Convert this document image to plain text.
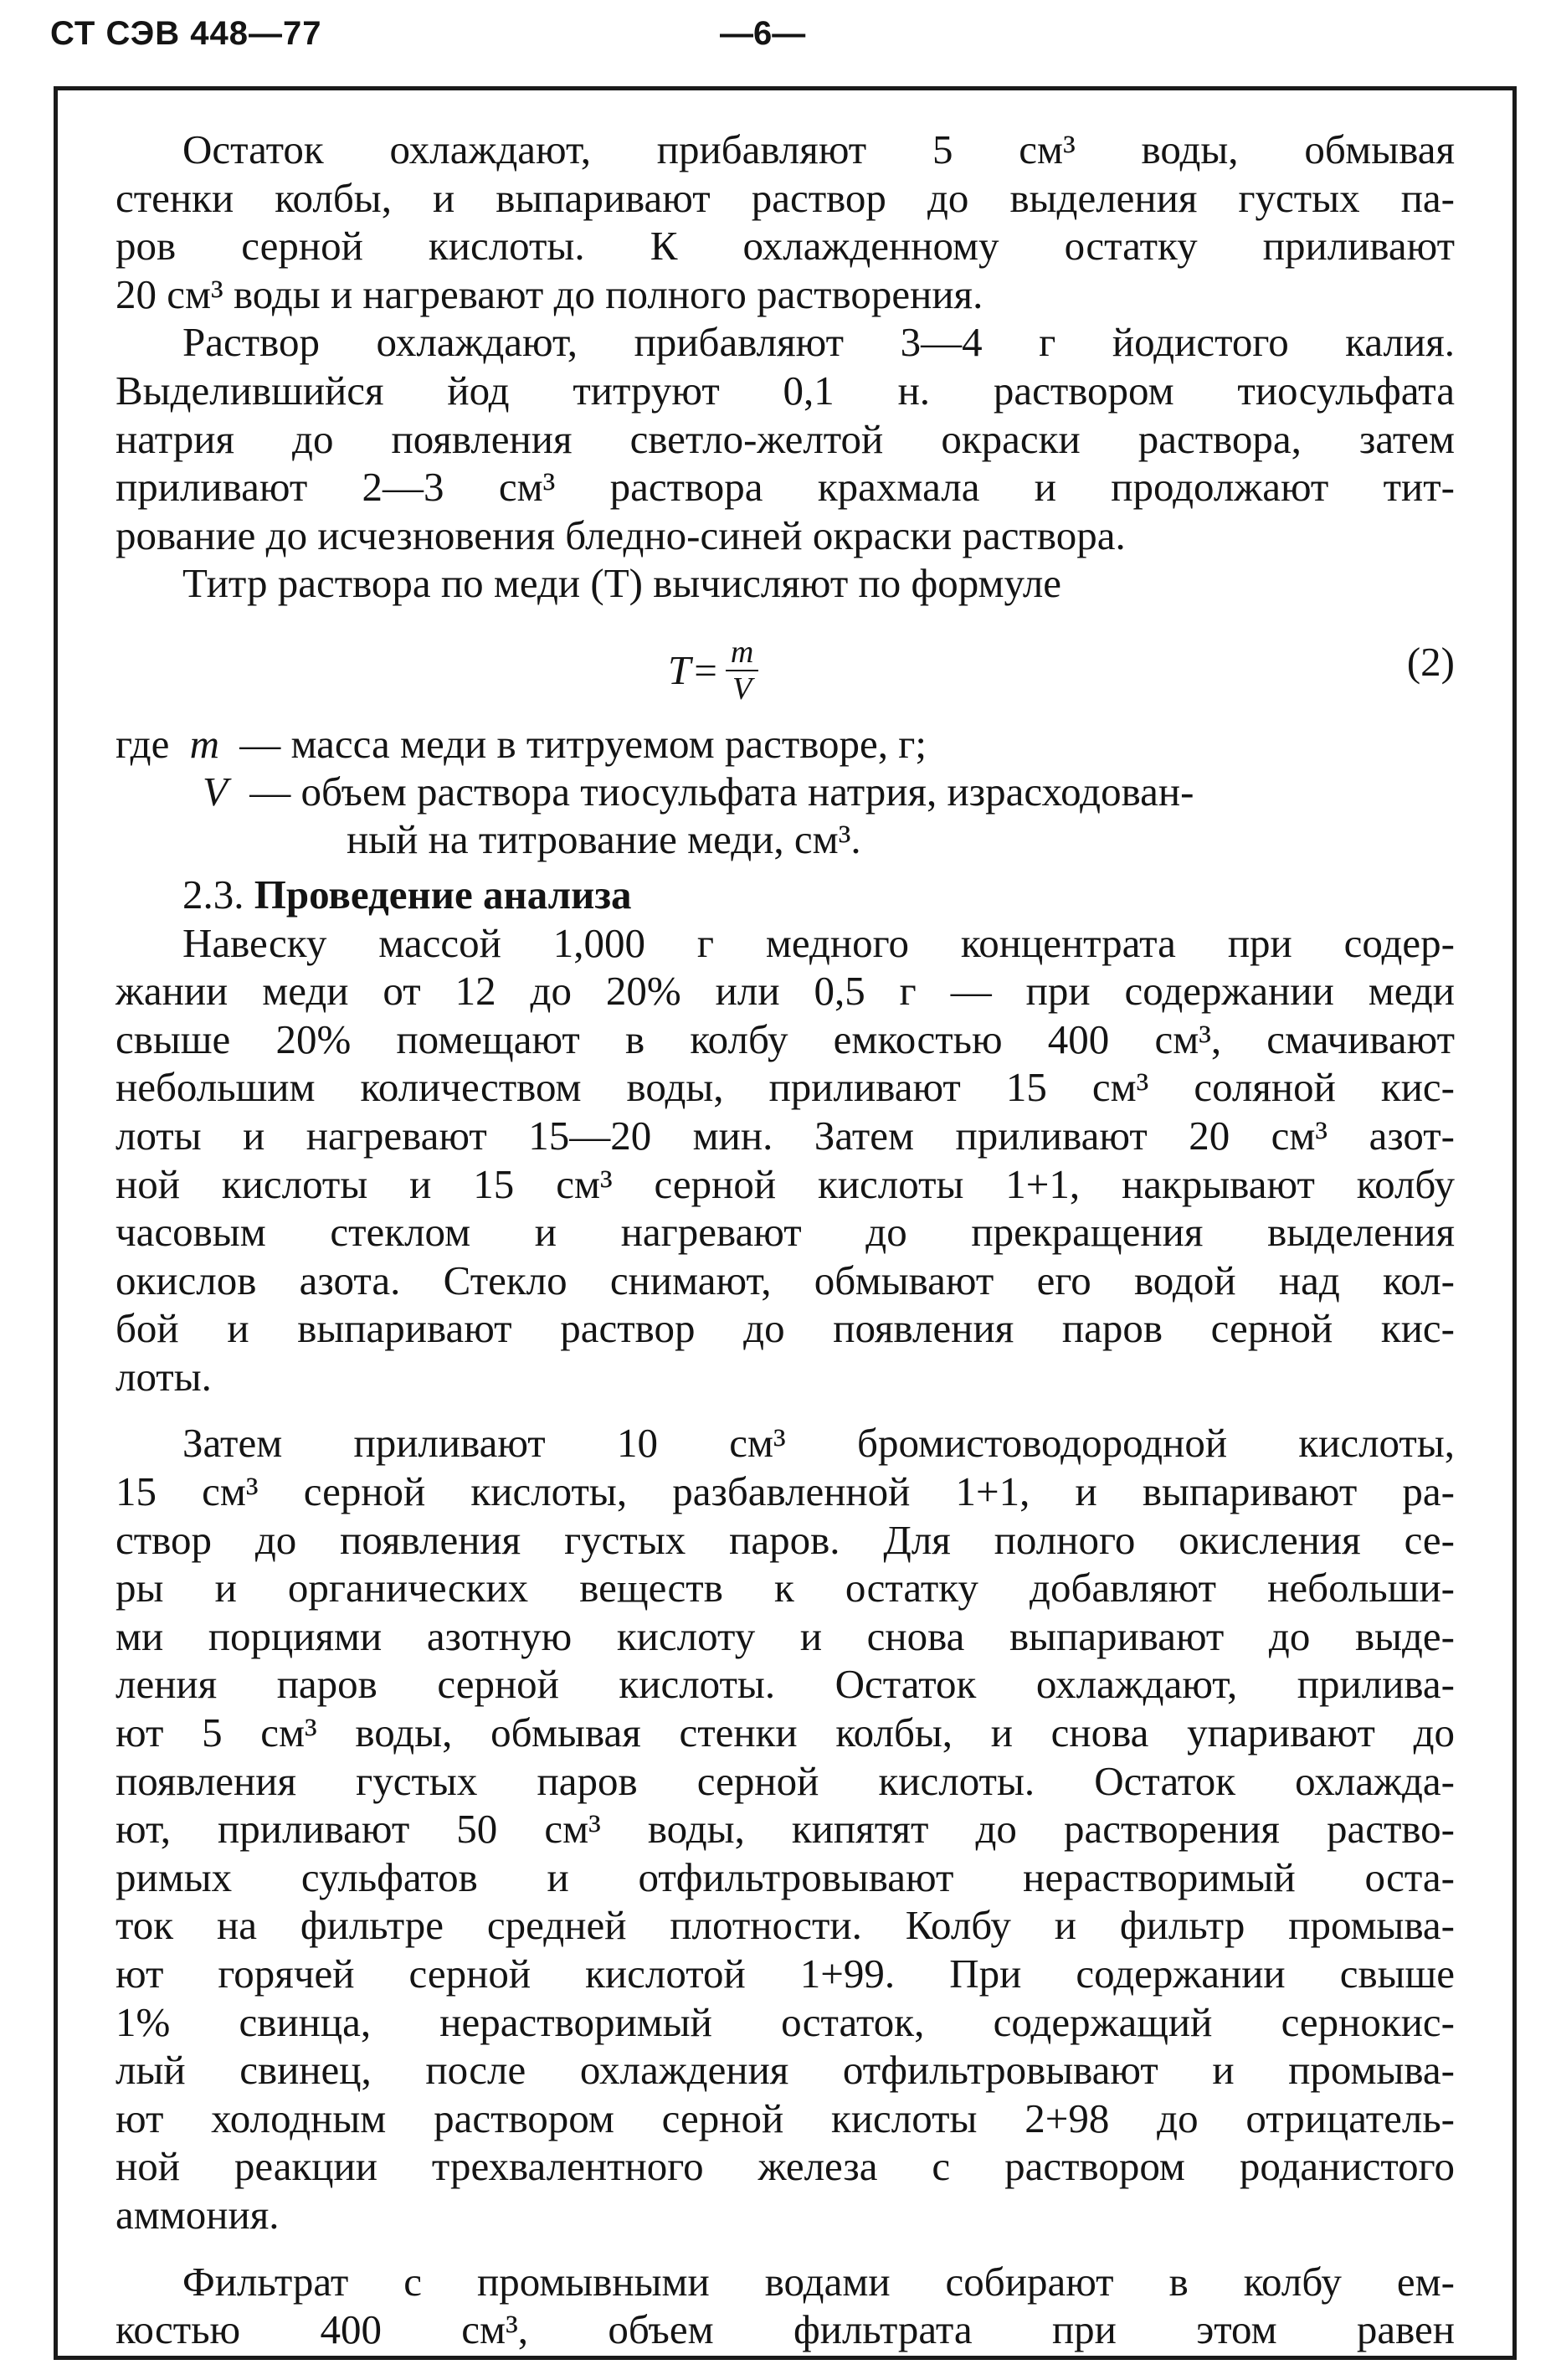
СТ СЭВ 448—77	—6—

Остаток охлаждают, прибавляют 5 см³ воды, обмывая

стенки колбы, и выпаривают раствор до выделения густых па-

ров серной кислоты. К охлажденному остатку приливают

20 см³ воды и нагревают до полного растворения.

Раствор охлаждают, прибавляют 3—4 г йодистого калия.

Выделившийся йод титруют 0,1 н. раствором тиосульфата

натрия до появления светло-желтой окраски раствора, затем

приливают 2—3 см³ раствора крахмала и продолжают тит-

рование до исчезновения бледно-синей окраски раствора.

Титр раствора по меди (T) вычисляют по формуле

$T = \frac{m}{V}$	(2)
где m — масса меди в титруемом растворе, г;
V — объем раствора тиосульфата натрия, израсходован-
ный на титрование меди, см³.

2.3. Проведение анализа

Навеску массой 1,000 г медного концентрата при содер-

жании меди от 12 до 20% или 0,5 г — при содержании меди

свыше 20% помещают в колбу емкостью 400 см³, смачивают

небольшим количеством воды, приливают 15 см³ соляной кис-

лоты и нагревают 15—20 мин. Затем приливают 20 см³ азот-

ной кислоты и 15 см³ серной кислоты 1+1, накрывают колбу

часовым стеклом и нагревают до прекращения выделения

окислов азота. Стекло снимают, обмывают его водой над кол-

бой и выпаривают раствор до появления паров серной кис-

лоты.

Затем приливают 10 см³ бромистоводородной кислоты,

15 см³ серной кислоты, разбавленной 1+1, и выпаривают ра-

створ до появления густых паров. Для полного окисления се-

ры и органических веществ к остатку добавляют небольши-

ми порциями азотную кислоту и снова выпаривают до выде-

ления паров серной кислоты. Остаток охлаждают, прилива-

ют 5 см³ воды, обмывая стенки колбы, и снова упаривают до

появления густых паров серной кислоты. Остаток охлажда-

ют, приливают 50 см³ воды, кипятят до растворения раство-

римых сульфатов и отфильтровывают нерастворимый оста-

ток на фильтре средней плотности. Колбу и фильтр промыва-

ют горячей серной кислотой 1+99. При содержании свыше

1% свинца, нерастворимый остаток, содержащий сернокис-

лый свинец, после охлаждения отфильтровывают и промыва-

ют холодным раствором серной кислоты 2+98 до отрицатель-

ной реакции трехвалентного железа с раствором роданистого

аммония.

Фильтрат с промывными водами собирают в колбу ем-

костью 400 см³, объем фильтрата при этом равен
